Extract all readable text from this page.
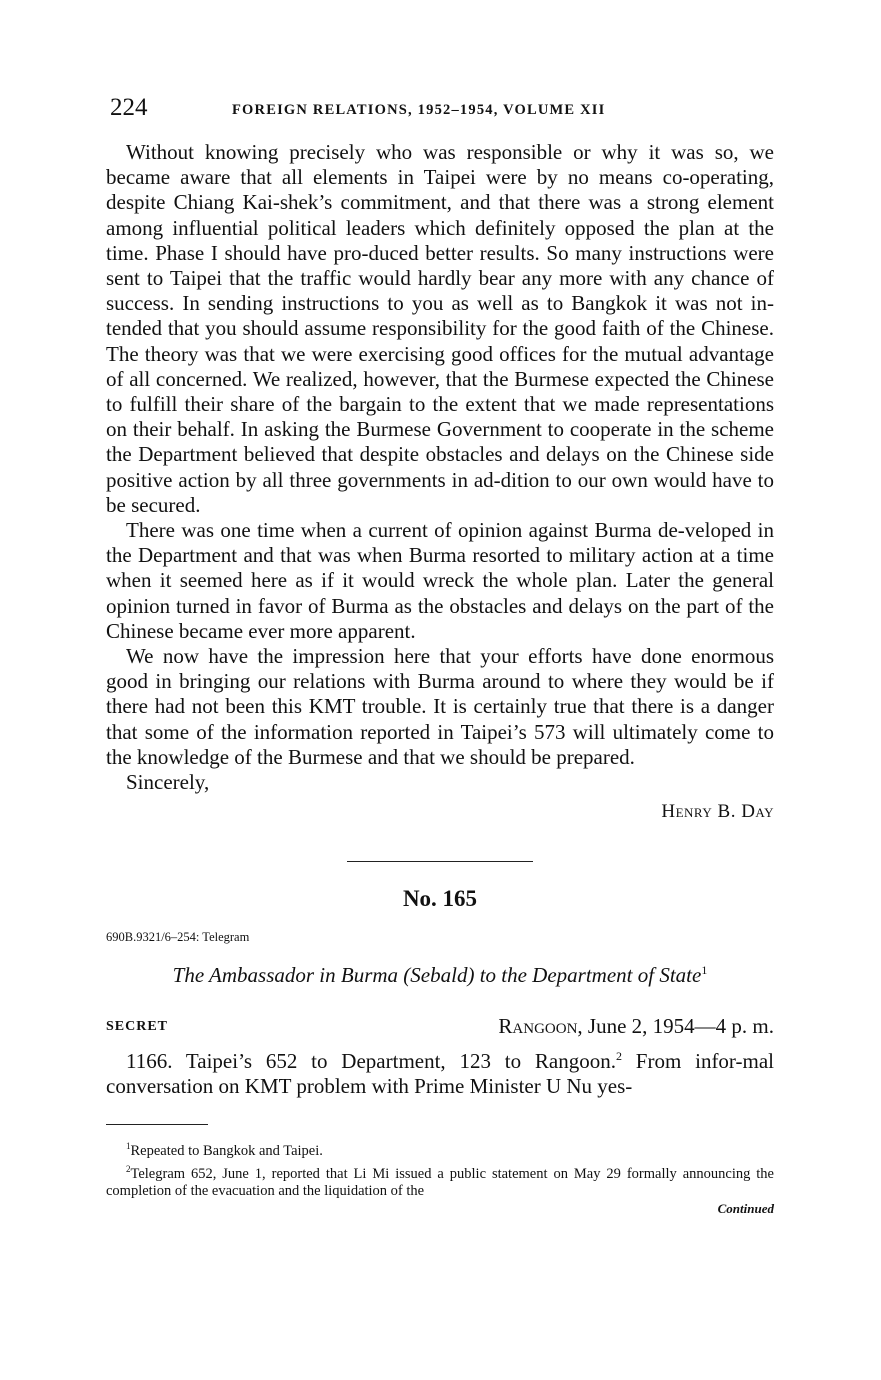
224	FOREIGN RELATIONS, 1952–1954, VOLUME XII

Without knowing precisely who was responsible or why it was so, we became aware that all elements in Taipei were by no means co-operating, despite Chiang Kai-shek’s commitment, and that there was a strong element among influential political leaders which definitely opposed the plan at the time. Phase I should have pro-duced better results. So many instructions were sent to Taipei that the traffic would hardly bear any more with any chance of success. In sending instructions to you as well as to Bangkok it was not in-tended that you should assume responsibility for the good faith of the Chinese. The theory was that we were exercising good offices for the mutual advantage of all concerned. We realized, however, that the Burmese expected the Chinese to fulfill their share of the bargain to the extent that we made representations on their behalf. In asking the Burmese Government to cooperate in the scheme the Department believed that despite obstacles and delays on the Chinese side positive action by all three governments in ad-dition to our own would have to be secured.

There was one time when a current of opinion against Burma de-veloped in the Department and that was when Burma resorted to military action at a time when it seemed here as if it would wreck the whole plan. Later the general opinion turned in favor of Burma as the obstacles and delays on the part of the Chinese became ever more apparent.

We now have the impression here that your efforts have done enormous good in bringing our relations with Burma around to where they would be if there had not been this KMT trouble. It is certainly true that there is a danger that some of the information reported in Taipei’s 573 will ultimately come to the knowledge of the Burmese and that we should be prepared.

Sincerely,

Henry B. Day

No. 165

690B.9321/6–254: Telegram

The Ambassador in Burma (Sebald) to the Department of State$^1$

SECRET	Rangoon, June 2, 1954—4 p. m.

1166. Taipei’s 652 to Department, 123 to Rangoon.$^2$ From infor-mal conversation on KMT problem with Prime Minister U Nu yes-

$^1$Repeated to Bangkok and Taipei.

$^2$Telegram 652, June 1, reported that Li Mi issued a public statement on May 29 formally announcing the completion of the evacuation and the liquidation of the

Continued
